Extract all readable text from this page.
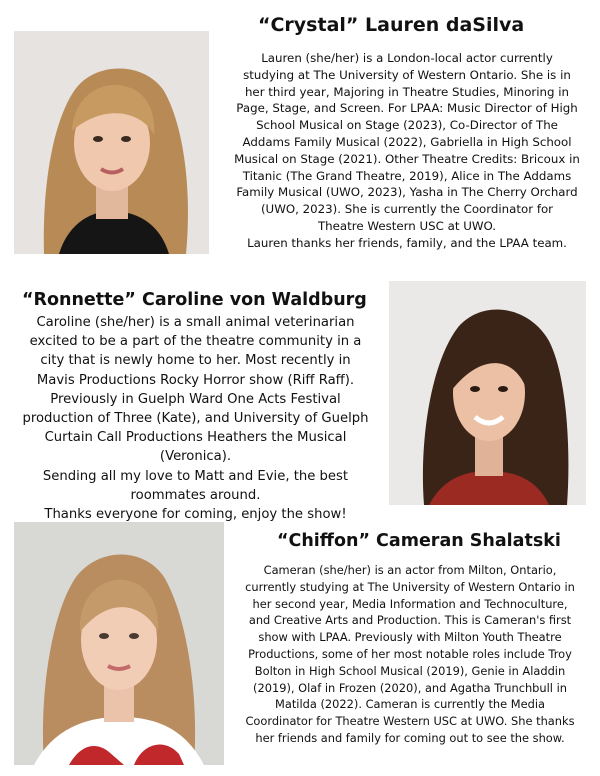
“Crystal” Lauren daSilva
Lauren (she/her) is a London-local actor currently
studying at The University of Western Ontario. She is in
her third year, Majoring in Theatre Studies, Minoring in
Page, Stage, and Screen. For LPAA: Music Director of High
School Musical on Stage (2023), Co-Director of The
Addams Family Musical (2022), Gabriella in High School
Musical on Stage (2021). Other Theatre Credits: Bricoux in
Titanic (The Grand Theatre, 2019), Alice in The Addams
Family Musical (UWO, 2023), Yasha in The Cherry Orchard
(UWO, 2023). She is currently the Coordinator for
Theatre Western USC at UWO.
Lauren thanks her friends, family, and the LPAA team.
“Ronnette” Caroline von Waldburg
Caroline (she/her) is a small animal veterinarian
excited to be a part of the theatre community in a
city that is newly home to her. Most recently in
Mavis Productions Rocky Horror show (Riff Raff).
Previously in Guelph Ward One Acts Festival
production of Three (Kate), and University of Guelph
Curtain Call Productions Heathers the Musical
(Veronica).
Sending all my love to Matt and Evie, the best
roommates around.
Thanks everyone for coming, enjoy the show!
“Chiffon” Cameran Shalatski
Cameran (she/her) is an actor from Milton, Ontario,
currently studying at The University of Western Ontario in
her second year, Media Information and Technoculture,
and Creative Arts and Production. This is Cameran's first
show with LPAA. Previously with Milton Youth Theatre
Productions, some of her most notable roles include Troy
Bolton in High School Musical (2019), Genie in Aladdin
(2019), Olaf in Frozen (2020), and Agatha Trunchbull in
Matilda (2022). Cameran is currently the Media
Coordinator for Theatre Western USC at UWO. She thanks
her friends and family for coming out to see the show.
